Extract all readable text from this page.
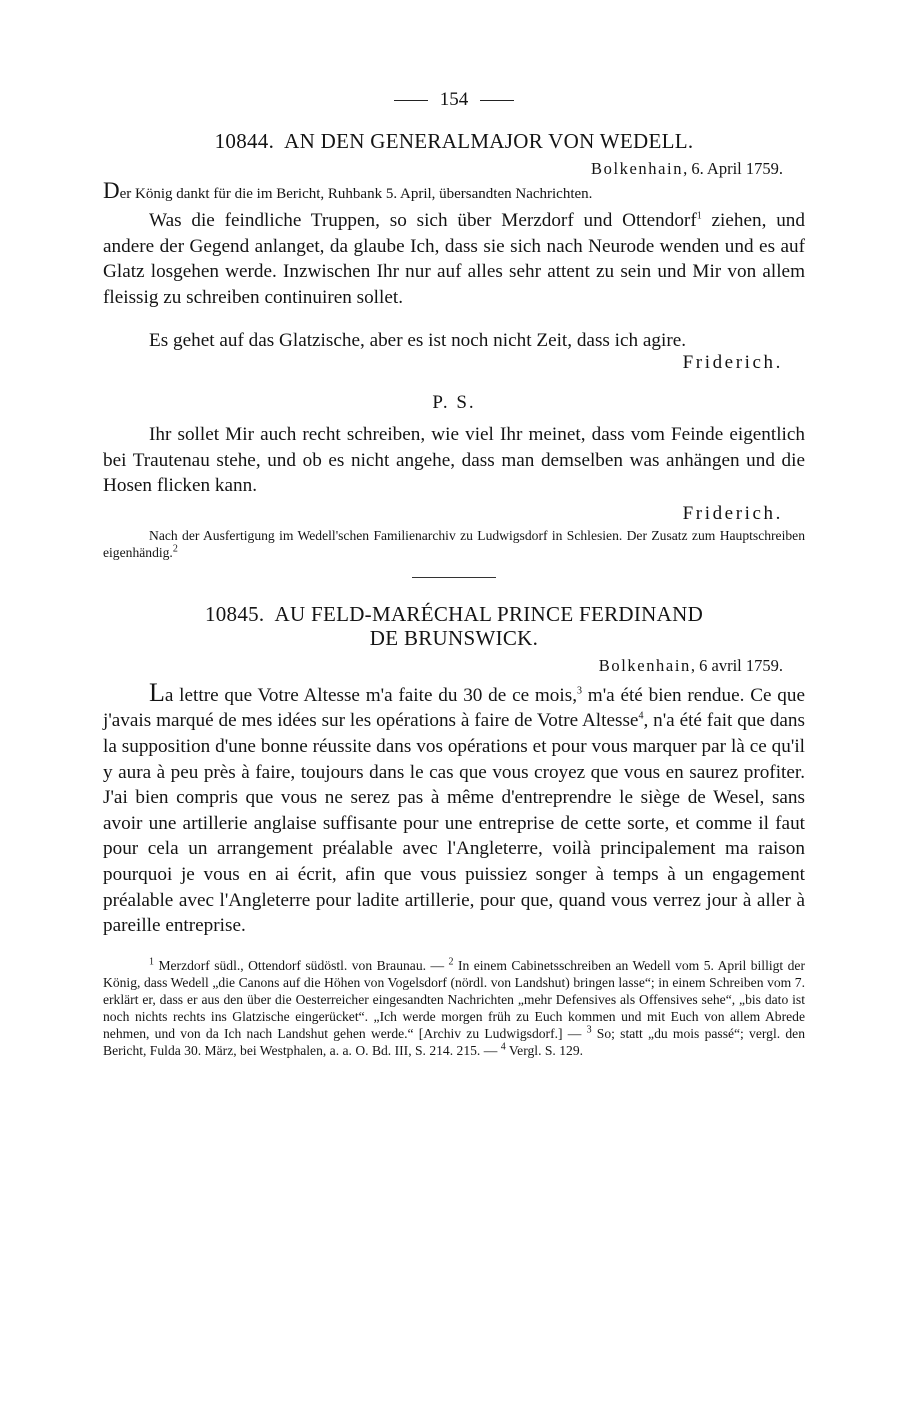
154
10844. AN DEN GENERALMAJOR VON WEDELL.
Bolkenhain, 6. April 1759.
Der König dankt für die im Bericht, Ruhbank 5. April, übersandten Nachrichten.
Was die feindliche Truppen, so sich über Merzdorf und Ottendorf$^1$ ziehen, und andere der Gegend anlanget, da glaube Ich, dass sie sich nach Neurode wenden und es auf Glatz losgehen werde. Inzwischen Ihr nur auf alles sehr attent zu sein und Mir von allem fleissig zu schreiben continuiren sollet.
Es gehet auf das Glatzische, aber es ist noch nicht Zeit, dass ich agire.
Friderich.
P. S.
Ihr sollet Mir auch recht schreiben, wie viel Ihr meinet, dass vom Feinde eigentlich bei Trautenau stehe, und ob es nicht angehe, dass man demselben was anhängen und die Hosen flicken kann.
Friderich.
Nach der Ausfertigung im Wedell'schen Familienarchiv zu Ludwigsdorf in Schlesien. Der Zusatz zum Hauptschreiben eigenhändig.$^2$
10845. AU FELD-MARÉCHAL PRINCE FERDINAND
DE BRUNSWICK.
Bolkenhain, 6 avril 1759.
La lettre que Votre Altesse m'a faite du 30 de ce mois,$^3$ m'a été bien rendue. Ce que j'avais marqué de mes idées sur les opérations à faire de Votre Altesse$^4$, n'a été fait que dans la supposition d'une bonne réussite dans vos opérations et pour vous marquer par là ce qu'il y aura à peu près à faire, toujours dans le cas que vous croyez que vous en saurez profiter. J'ai bien compris que vous ne serez pas à même d'entreprendre le siège de Wesel, sans avoir une artillerie anglaise suffisante pour une entreprise de cette sorte, et comme il faut pour cela un arrangement préalable avec l'Angleterre, voilà principalement ma raison pourquoi je vous en ai écrit, afin que vous puissiez songer à temps à un engagement préalable avec l'Angleterre pour ladite artillerie, pour que, quand vous verrez jour à aller à pareille entreprise.
$^1$ Merzdorf südl., Ottendorf südöstl. von Braunau. — $^2$ In einem Cabinetsschreiben an Wedell vom 5. April billigt der König, dass Wedell „die Canons auf die Höhen von Vogelsdorf (nördl. von Landshut) bringen lasse“; in einem Schreiben vom 7. erklärt er, dass er aus den über die Oesterreicher eingesandten Nachrichten „mehr Defensives als Offensives sehe“, „bis dato ist noch nichts rechts ins Glatzische eingerücket“. „Ich werde morgen früh zu Euch kommen und mit Euch von allem Abrede nehmen, und von da Ich nach Landshut gehen werde.“ [Archiv zu Ludwigsdorf.] — $^3$ So; statt „du mois passé“; vergl. den Bericht, Fulda 30. März, bei Westphalen, a. a. O. Bd. III, S. 214. 215. — $^4$ Vergl. S. 129.
